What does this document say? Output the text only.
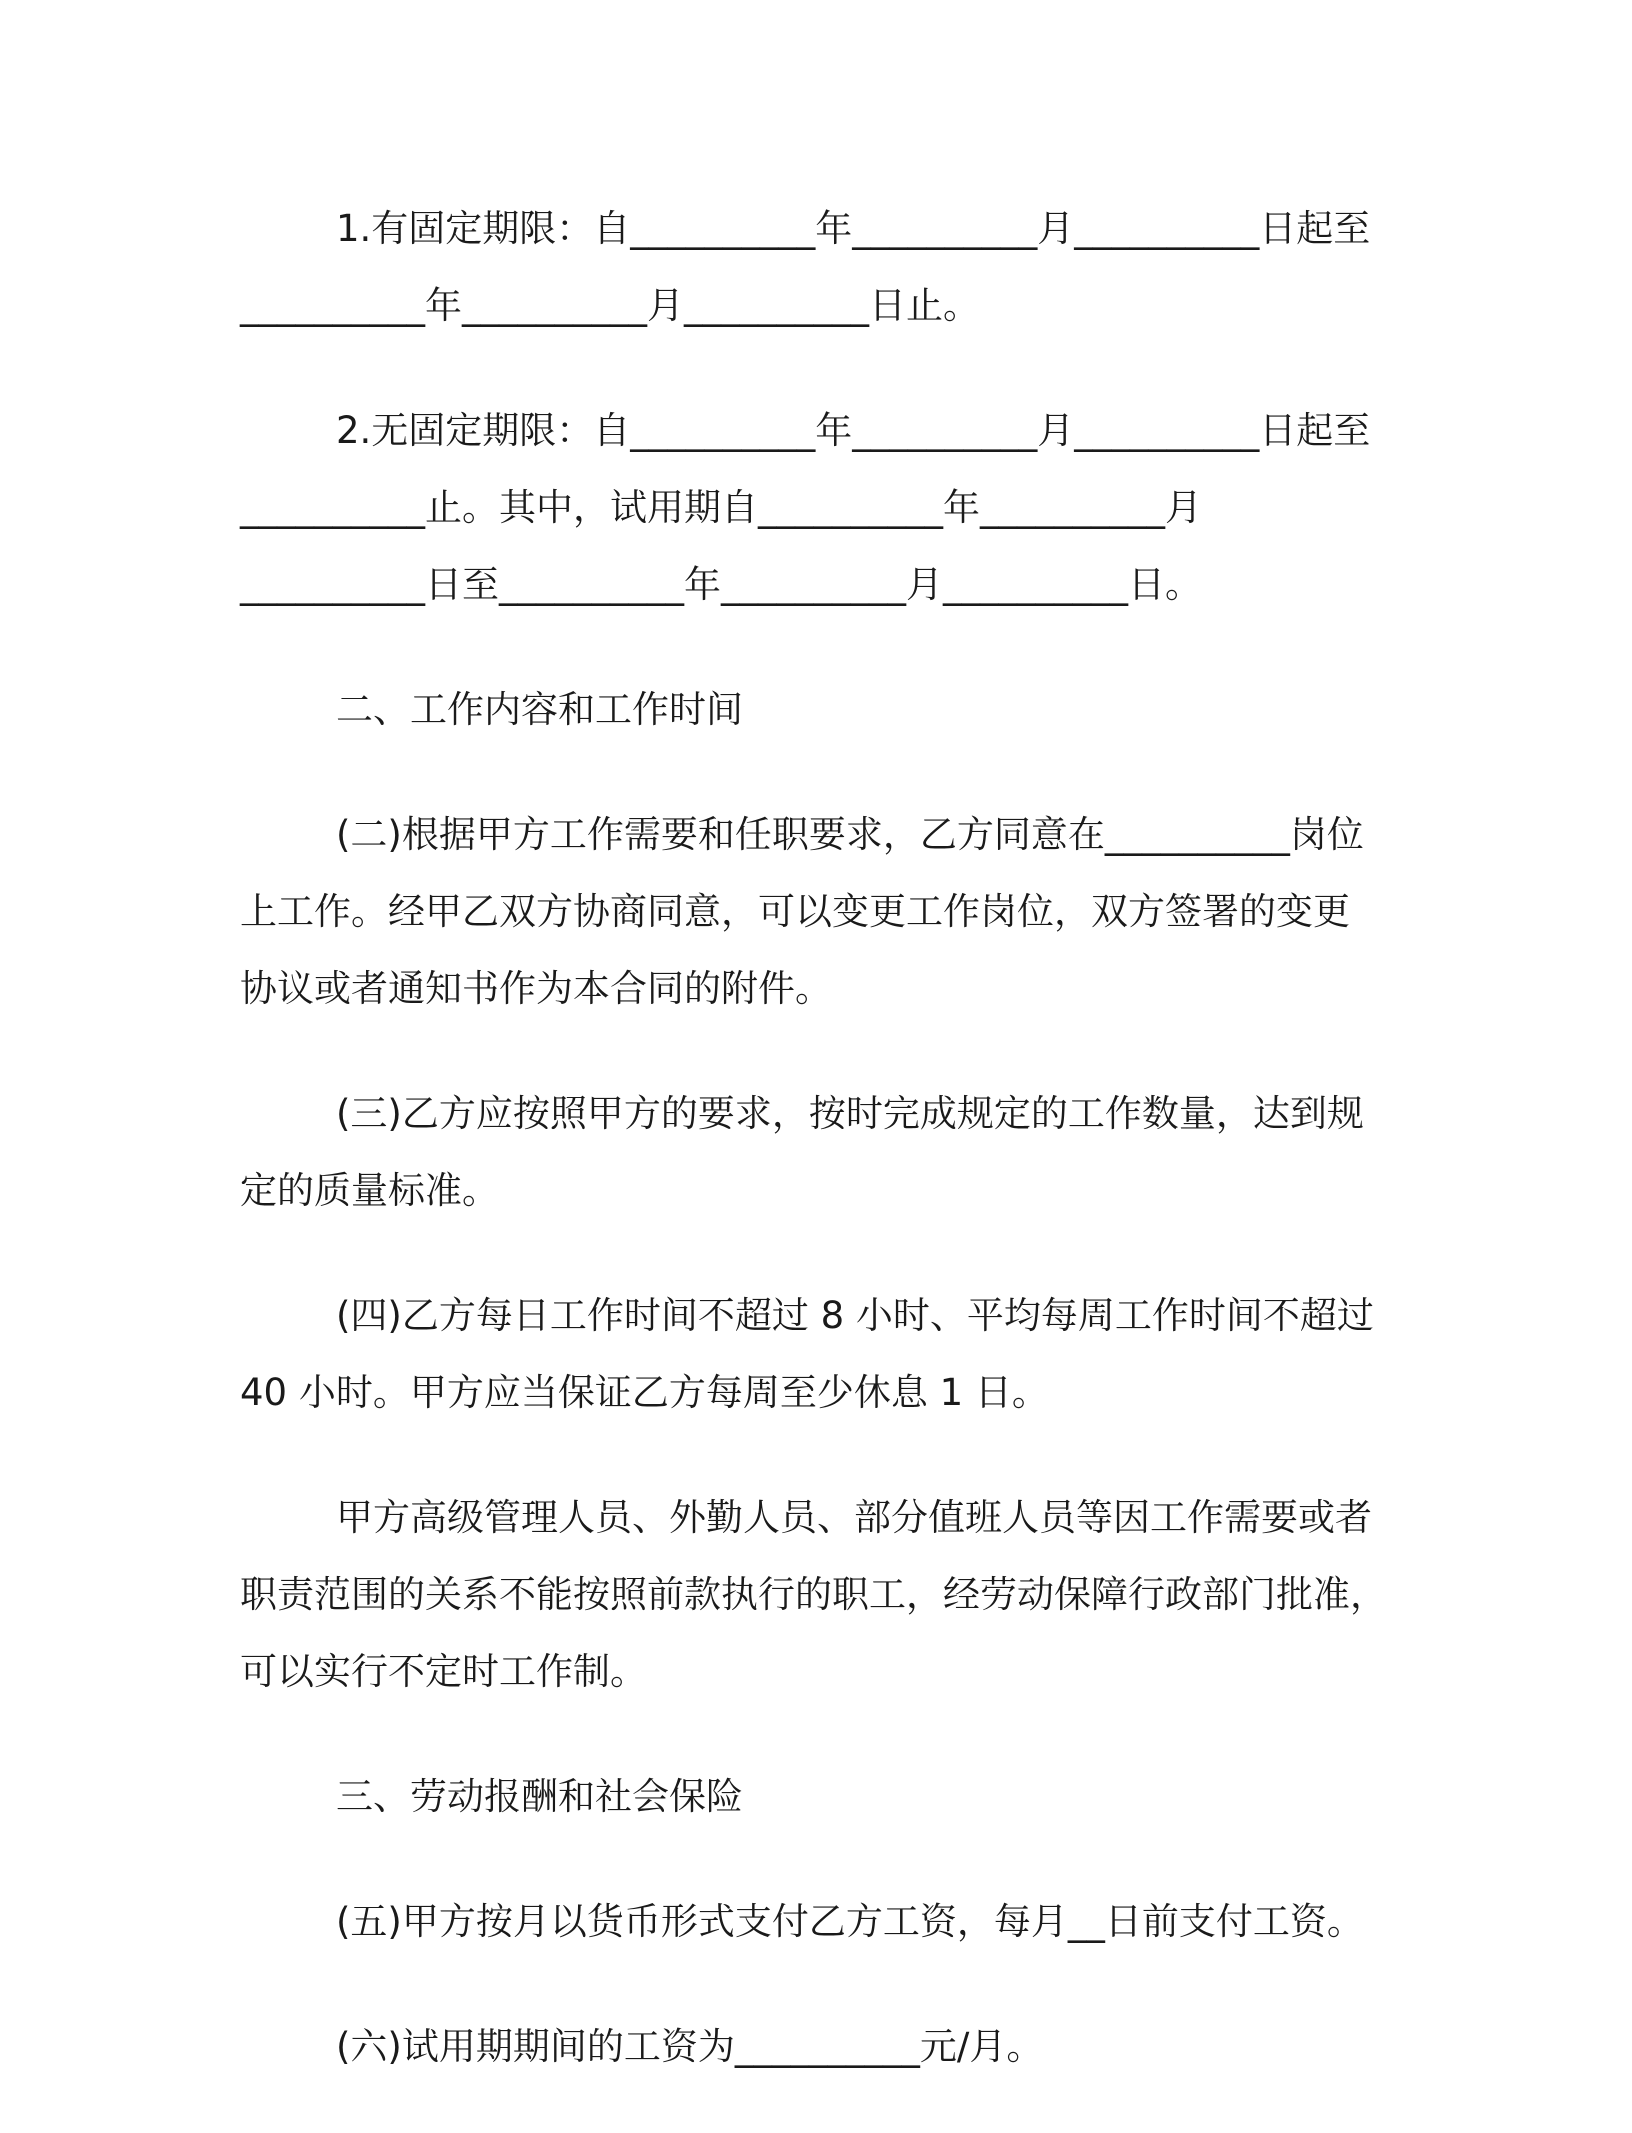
1.有固定期限：自__________年__________月__________日起至
__________年__________月__________日止。
2.无固定期限：自__________年__________月__________日起至
__________止。其中，试用期自__________年__________月
__________日至__________年__________月__________日。
二、工作内容和工作时间
(二)根据甲方工作需要和任职要求，乙方同意在__________岗位
上工作。经甲乙双方协商同意，可以变更工作岗位，双方签署的变更
协议或者通知书作为本合同的附件。
(三)乙方应按照甲方的要求，按时完成规定的工作数量，达到规
定的质量标准。
(四)乙方每日工作时间不超过 8 小时、平均每周工作时间不超过
40 小时。甲方应当保证乙方每周至少休息 1 日。
甲方高级管理人员、外勤人员、部分值班人员等因工作需要或者
职责范围的关系不能按照前款执行的职工，经劳动保障行政部门批准，
可以实行不定时工作制。
三、劳动报酬和社会保险
(五)甲方按月以货币形式支付乙方工资，每月__日前支付工资。
(六)试用期期间的工资为__________元/月。
